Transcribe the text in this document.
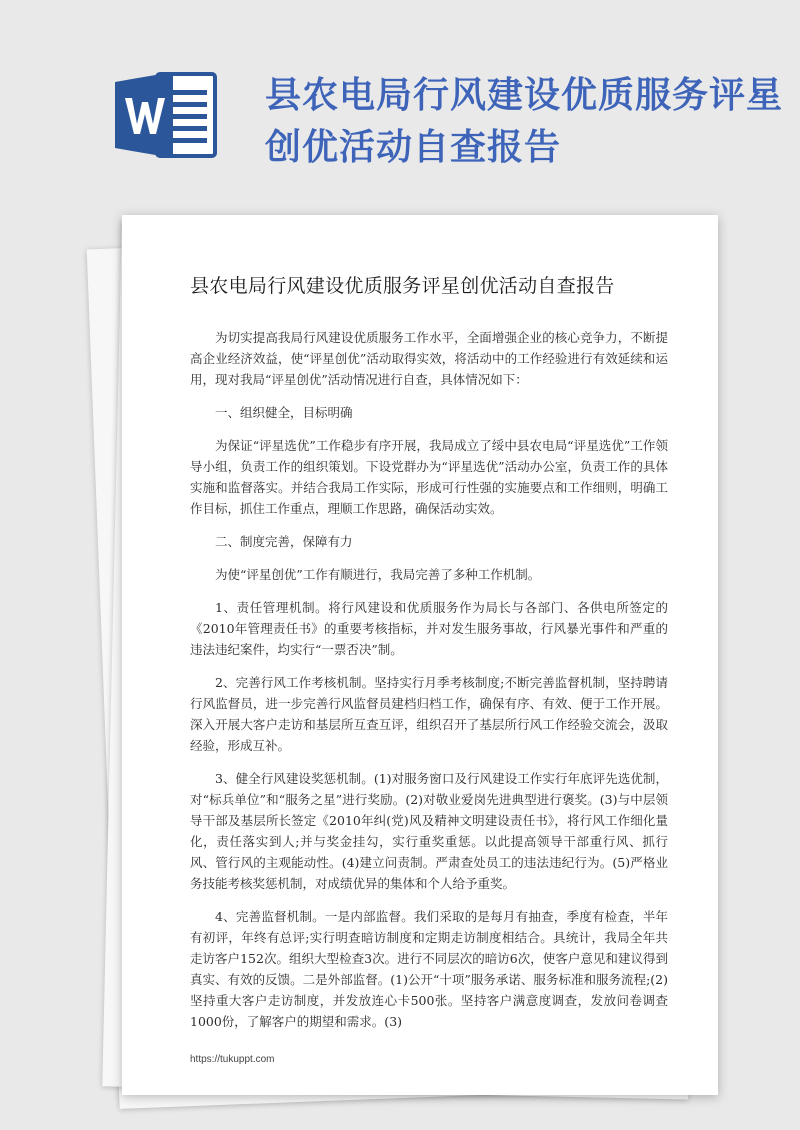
县农电局行风建设优质服务评星创优活动自查报告
县农电局行风建设优质服务评星创优活动自查报告

为切实提高我局行风建设优质服务工作水平，全面增强企业的核心竞争力，不断提高企业经济效益，使“评星创优”活动取得实效，将活动中的工作经验进行有效延续和运用，现对我局“评星创优”活动情况进行自查，具体情况如下：

一、组织健全，目标明确

为保证“评星选优”工作稳步有序开展，我局成立了绥中县农电局“评星选优”工作领导小组，负责工作的组织策划。下设党群办为“评星选优”活动办公室，负责工作的具体实施和监督落实。并结合我局工作实际，形成可行性强的实施要点和工作细则，明确工作目标，抓住工作重点，理顺工作思路，确保活动实效。

二、制度完善，保障有力

为使“评星创优”工作有顺进行，我局完善了多种工作机制。

1、责任管理机制。将行风建设和优质服务作为局长与各部门、各供电所签定的《2010年管理责任书》的重要考核指标，并对发生服务事故，行风暴光事件和严重的违法违纪案件，均实行“一票否决”制。

2、完善行风工作考核机制。坚持实行月季考核制度;不断完善监督机制，坚持聘请行风监督员，进一步完善行风监督员建档归档工作，确保有序、有效、便于工作开展。深入开展大客户走访和基层所互查互评，组织召开了基层所行风工作经验交流会，汲取经验，形成互补。

3、健全行风建设奖惩机制。(1)对服务窗口及行风建设工作实行年底评先选优制，对“标兵单位”和“服务之星”进行奖励。(2)对敬业爱岗先进典型进行褒奖。(3)与中层领导干部及基层所长签定《2010年纠(党)风及精神文明建设责任书》，将行风工作细化量化，责任落实到人;并与奖金挂勾，实行重奖重惩。以此提高领导干部重行风、抓行风、管行风的主观能动性。(4)建立问责制。严肃查处员工的违法违纪行为。(5)严格业务技能考核奖惩机制，对成绩优异的集体和个人给予重奖。

4、完善监督机制。一是内部监督。我们采取的是每月有抽查，季度有检查，半年有初评，年终有总评;实行明查暗访制度和定期走访制度相结合。具统计，我局全年共走访客户152次。组织大型检查3次。进行不同层次的暗访6次，使客户意见和建议得到真实、有效的反馈。二是外部监督。(1)公开“十项”服务承诺、服务标准和服务流程;(2)坚持重大客户走访制度，并发放连心卡500张。坚持客户满意度调查，发放问卷调查1000份，了解客户的期望和需求。(3)

https://tukuppt.com
